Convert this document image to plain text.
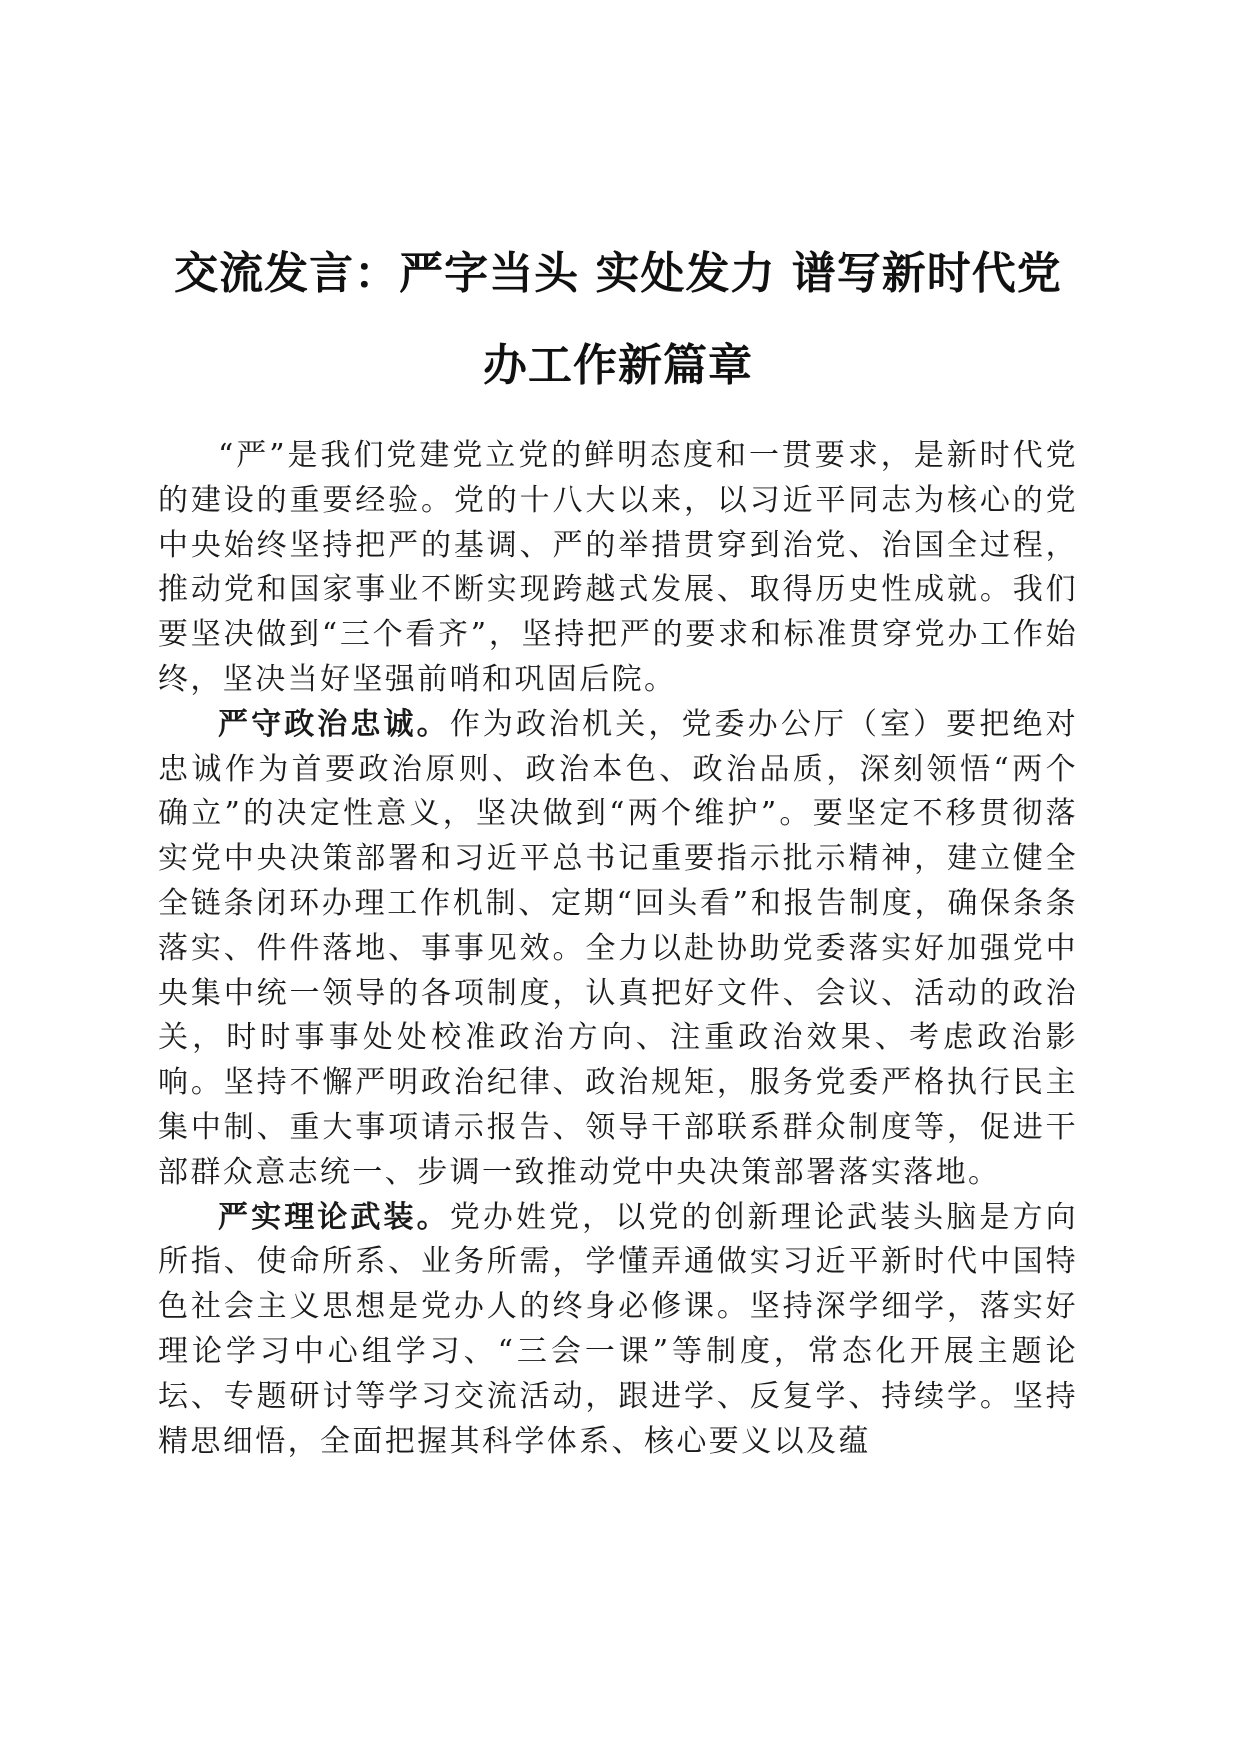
交流发言：严字当头 实处发力 谱写新时代党
办工作新篇章

“严”是我们党建党立党的鲜明态度和一贯要求，是新时代党的建设的重要经验。党的十八大以来，以习近平同志为核心的党中央始终坚持把严的基调、严的举措贯穿到治党、治国全过程，推动党和国家事业不断实现跨越式发展、取得历史性成就。我们要坚决做到“三个看齐”，坚持把严的要求和标准贯穿党办工作始终，坚决当好坚强前哨和巩固后院。

严守政治忠诚。作为政治机关，党委办公厅（室）要把绝对忠诚作为首要政治原则、政治本色、政治品质，深刻领悟“两个确立”的决定性意义，坚决做到“两个维护”。要坚定不移贯彻落实党中央决策部署和习近平总书记重要指示批示精神，建立健全全链条闭环办理工作机制、定期“回头看”和报告制度，确保条条落实、件件落地、事事见效。全力以赴协助党委落实好加强党中央集中统一领导的各项制度，认真把好文件、会议、活动的政治关，时时事事处处校准政治方向、注重政治效果、考虑政治影响。坚持不懈严明政治纪律、政治规矩，服务党委严格执行民主集中制、重大事项请示报告、领导干部联系群众制度等，促进干部群众意志统一、步调一致推动党中央决策部署落实落地。

严实理论武装。党办姓党，以党的创新理论武装头脑是方向所指、使命所系、业务所需，学懂弄通做实习近平新时代中国特色社会主义思想是党办人的终身必修课。坚持深学细学，落实好理论学习中心组学习、“三会一课”等制度，常态化开展主题论坛、专题研讨等学习交流活动，跟进学、反复学、持续学。坚持精思细悟，全面把握其科学体系、核心要义以及蕴
